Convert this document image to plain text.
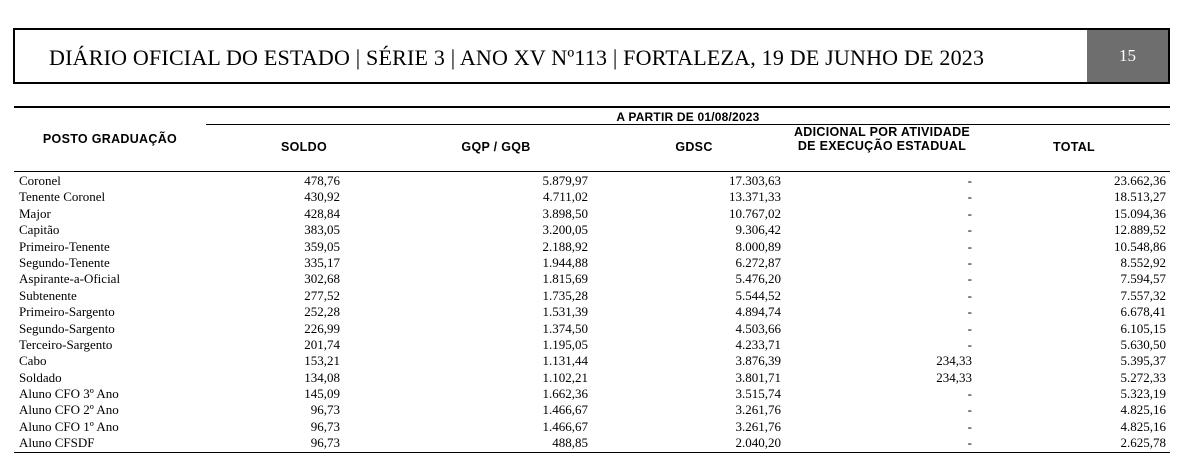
DIÁRIO OFICIAL DO ESTADO | SÉRIE 3 | ANO XV Nº113 | FORTALEZA, 19 DE JUNHO DE 2023	15
A PARTIR DE 01/08/2023
POSTO GRADUAÇÃO
SOLDO	GQP / GQB	GDSC
ADICIONAL POR ATIVIDADE DE EXECUÇÃO ESTADUAL	TOTAL
Coronel	478,76	5.879,97	17.303,63	-	23.662,36
Tenente Coronel	430,92	4.711,02	13.371,33	-	18.513,27
Major	428,84	3.898,50	10.767,02	-	15.094,36
Capitão	383,05	3.200,05	9.306,42	-	12.889,52
Primeiro-Tenente	359,05	2.188,92	8.000,89	-	10.548,86
Segundo-Tenente	335,17	1.944,88	6.272,87	-	8.552,92
Aspirante-a-Oficial	302,68	1.815,69	5.476,20	-	7.594,57
Subtenente	277,52	1.735,28	5.544,52	-	7.557,32
Primeiro-Sargento	252,28	1.531,39	4.894,74	-	6.678,41
Segundo-Sargento	226,99	1.374,50	4.503,66	-	6.105,15
Terceiro-Sargento	201,74	1.195,05	4.233,71	-	5.630,50
Cabo	153,21	1.131,44	3.876,39	234,33	5.395,37
Soldado	134,08	1.102,21	3.801,71	234,33	5.272,33
Aluno CFO 3º Ano	145,09	1.662,36	3.515,74	-	5.323,19
Aluno CFO 2º Ano	96,73	1.466,67	3.261,76	-	4.825,16
Aluno CFO 1º Ano	96,73	1.466,67	3.261,76	-	4.825,16
Aluno CFSDF	96,73	488,85	2.040,20	-	2.625,78
